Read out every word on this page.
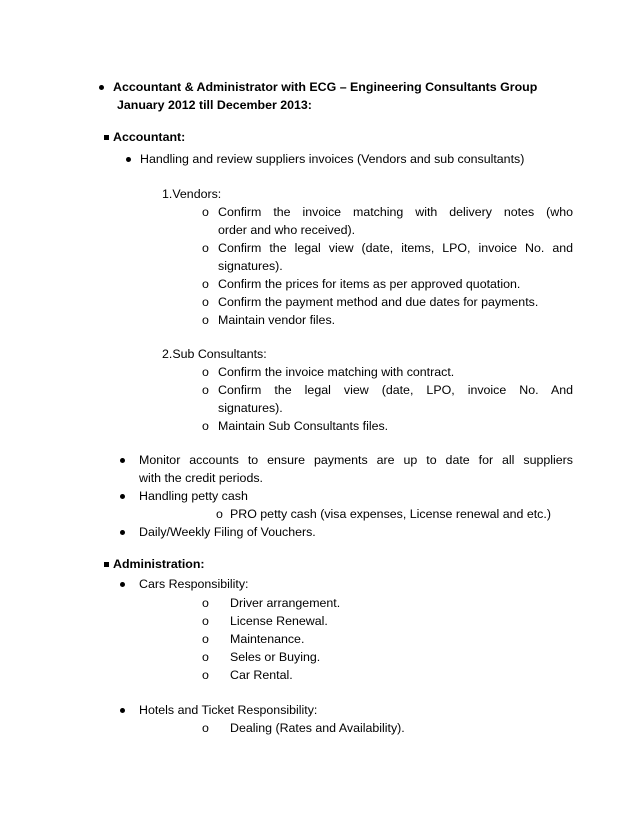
Accountant & Administrator with ECG – Engineering Consultants Group
January 2012 till December 2013:
Accountant:
Handling and review suppliers invoices (Vendors and sub consultants)
1.Vendors:
o Confirm the invoice matching with delivery notes (who
order and who received).
o Confirm the legal view (date, items, LPO, invoice No. and
signatures).
o Confirm the prices for items as per approved quotation.
o Confirm the payment method and due dates for payments.
o Maintain vendor files.
2.Sub Consultants:
o Confirm the invoice matching with contract.
o Confirm the legal view (date, LPO, invoice No. And
signatures).
o Maintain Sub Consultants files.
Monitor accounts to ensure payments are up to date for all suppliers
with the credit periods.
Handling petty cash
o PRO petty cash (visa expenses, License renewal and etc.)
Daily/Weekly Filing of Vouchers.
Administration:
Cars Responsibility:
o Driver arrangement.
o License Renewal.
o Maintenance.
o Seles or Buying.
o Car Rental.
Hotels and Ticket Responsibility:
o Dealing (Rates and Availability).
